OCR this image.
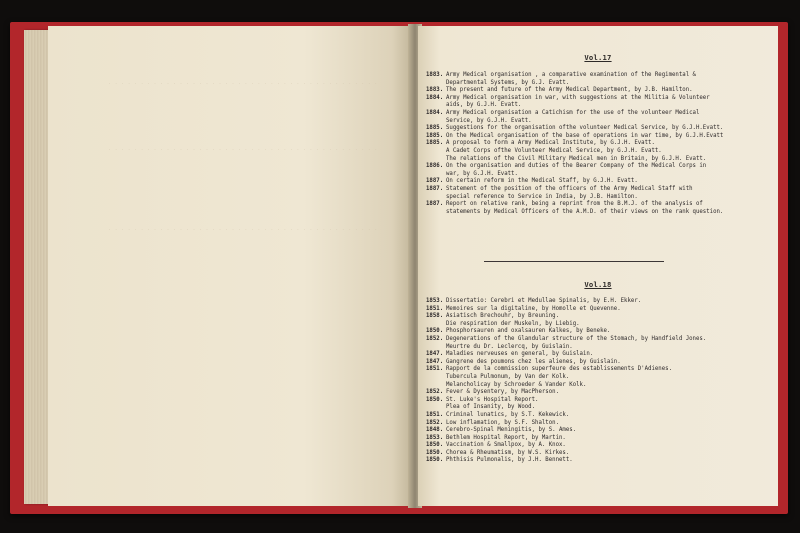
. . . . . . . . . . . . . . . . . . . . . . . . . . . . . . . . . . . . . . . . . .
. . . . . . . . . . . . . . . . . . . . . . . . . . . . . . . . . . . . . . . . . .
. . . . . . . . . . . . . . . . . . . . . . . . . . . . . . . . . . . . . . . . . .
Vol.17
1883. Army Medical organisation , a comparative examination of the Regimental &
Departmental Systems, by G.J. Evatt.
1883. The present and future of the Army Medical Department, by J.B. Hamilton.
1884. Army Medical organisation in war, with suggestions at the Militia & Volunteer
aids, by G.J.H. Evatt.
1884. Army Medical organisation a Catichism for the use of the volunteer Medical
Service, by G.J.H. Evatt.
1885. Suggestions for the organisation ofthe volunteer Medical Service, by G.J.H.Evatt.
1885. On the Medical organisation of the base of operations in war time, by G.J.H.Evatt
1885. A proposal to form a Army Medical Institute, by G.J.H. Evatt.
A Cadet Corps ofthe Volunteer Medical Service, by G.J.H. Evatt.
The relations of the Civil Military Medical men in Britain, by G.J.H. Evatt.
1886. On the organisation and duties of the Bearer Company of the Medical Corps in
war, by G.J.H. Evatt.
1887. On certain reform in the Medical Staff, by G.J.H. Evatt.
1887. Statement of the position of the officers of the Army Medical Staff with
special reference to Service in India, by J.B. Hamilton.
1887. Report on relative rank, being a reprint from the B.M.J. of the analysis of
statements by Medical Officers of the A.M.D. of their views on the rank question.
Vol.18
1853. Dissertatio: Cerebri et Medullae Spinalis, by E.H. Ekker.
1851. Memoires sur la digitaline, by Homolle et Quevenne.
1858. Asiatisch Brechouhr, by Breuning.
Die respiration der Muskeln, by Liebig.
1850. Phosphorsauren and oxalsauren Kalkes, by Beneke.
1852. Degenerations of the Glandular structure of the Stomach, by Handfield Jones.
Meurtre du Dr. Leclercq, by Guislain.
1847. Maladies nerveuses en general, by Guislain.
1847. Gangrene des poumons chez les alienes, by Guislain.
1851. Rapport de la commission superfeure des establissements D'Adienes.
Tubercula Pulmonum, by Van der Kolk.
Melancholicay by Schroeder & Vander Kolk.
1852. Fever & Dysentery, by MacPherson.
1850. St. Luke's Hospital Report.
Plea of Insanity, by Wood.
1851. Criminal lunatics, by S.T. Kekewick.
1852. Low inflamation, by S.F. Shalton.
1848. Cerebro-Spinal Meningitis, by S. Ames.
1853. Bethlem Hospital Report, by Martin.
1850. Vaccination & Smallpox, by A. Knox.
1850. Chorea & Rheumatism, by W.S. Kirkes.
1850. Phthisis Pulmonalis, by J.H. Bennett.
